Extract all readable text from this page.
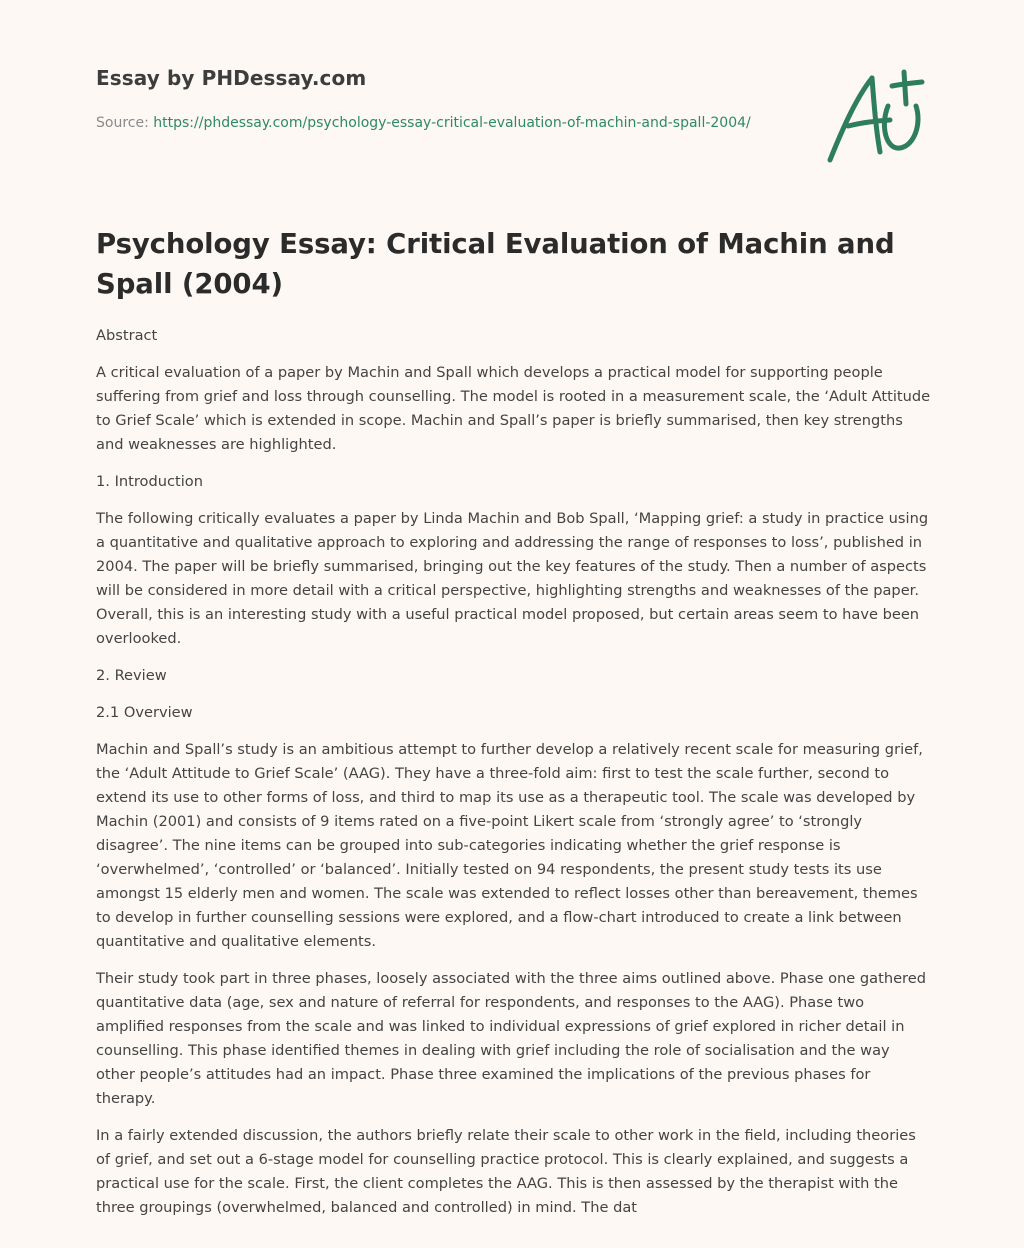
Essay by PHDessay.com
Source: https://phdessay.com/psychology-essay-critical-evaluation-of-machin-and-spall-2004/
Psychology Essay: Critical Evaluation of Machin and Spall (2004)

Abstract

A critical evaluation of a paper by Machin and Spall which develops a practical model for supporting people suffering from grief and loss through counselling. The model is rooted in a measurement scale, the ‘Adult Attitude to Grief Scale’ which is extended in scope. Machin and Spall’s paper is briefly summarised, then key strengths and weaknesses are highlighted.

1. Introduction

The following critically evaluates a paper by Linda Machin and Bob Spall, ‘Mapping grief: a study in practice using a quantitative and qualitative approach to exploring and addressing the range of responses to loss’, published in 2004. The paper will be briefly summarised, bringing out the key features of the study. Then a number of aspects will be considered in more detail with a critical perspective, highlighting strengths and weaknesses of the paper. Overall, this is an interesting study with a useful practical model proposed, but certain areas seem to have been overlooked.

2. Review

2.1 Overview

Machin and Spall’s study is an ambitious attempt to further develop a relatively recent scale for measuring grief, the ‘Adult Attitude to Grief Scale’ (AAG). They have a three-fold aim: first to test the scale further, second to extend its use to other forms of loss, and third to map its use as a therapeutic tool. The scale was developed by Machin (2001) and consists of 9 items rated on a five-point Likert scale from ‘strongly agree’ to ‘strongly disagree’. The nine items can be grouped into sub-categories indicating whether the grief response is ‘overwhelmed’, ‘controlled’ or ‘balanced’. Initially tested on 94 respondents, the present study tests its use amongst 15 elderly men and women. The scale was extended to reflect losses other than bereavement, themes to develop in further counselling sessions were explored, and a flow-chart introduced to create a link between quantitative and qualitative elements.

Their study took part in three phases, loosely associated with the three aims outlined above. Phase one gathered quantitative data (age, sex and nature of referral for respondents, and responses to the AAG). Phase two amplified responses from the scale and was linked to individual expressions of grief explored in richer detail in counselling. This phase identified themes in dealing with grief including the role of socialisation and the way other people’s attitudes had an impact. Phase three examined the implications of the previous phases for therapy.

In a fairly extended discussion, the authors briefly relate their scale to other work in the field, including theories of grief, and set out a 6-stage model for counselling practice protocol. This is clearly explained, and suggests a practical use for the scale. First, the client completes the AAG. This is then assessed by the therapist with the three groupings (overwhelmed, balanced and controlled) in mind. The dat
